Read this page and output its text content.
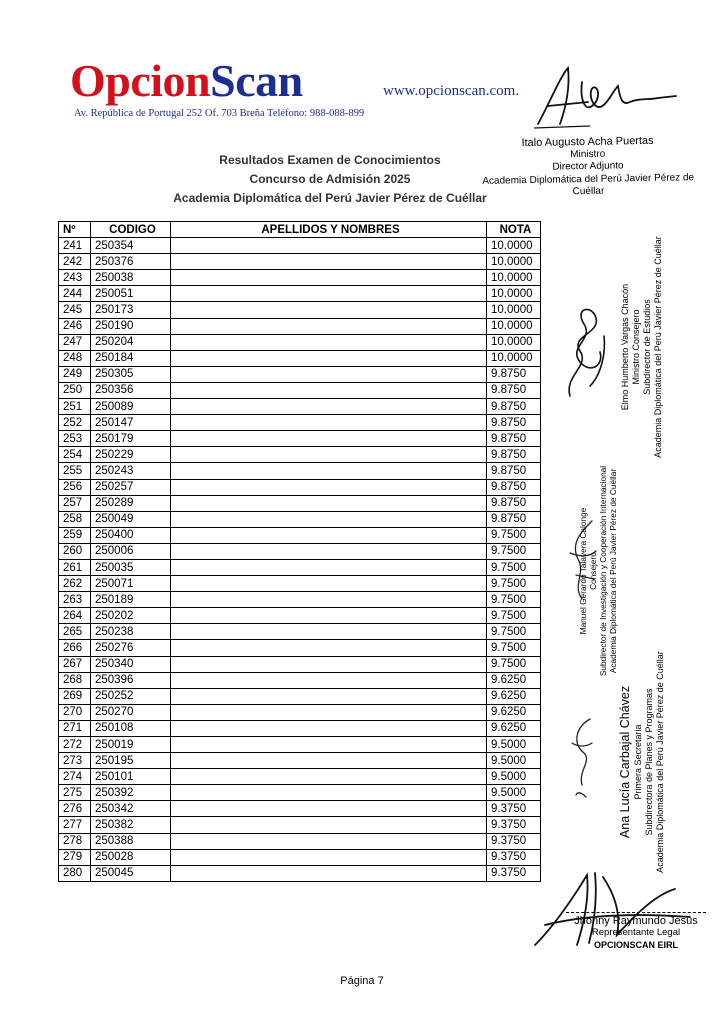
OpcionScan	www.opcionscan.com.
Av. República de Portugal 252 Of. 703 Breña Teléfono: 988-088-899
Italo Augusto Acha Puertas
Ministro
Director Adjunto
Academia Diplomática del Perú Javier Pérez de Cuéllar
Resultados Examen de Conocimientos
Concurso de Admisión 2025
Academia Diplomática del Perú Javier Pérez de Cuéllar
Nº	CODIGO	APELLIDOS Y NOMBRES	NOTA
241	250354		10.0000
242	250376		10.0000
243	250038		10.0000
244	250051		10.0000
245	250173		10.0000
246	250190		10.0000
247	250204		10.0000
248	250184		10.0000
249	250305		9.8750
250	250356		9.8750
251	250089		9.8750
252	250147		9.8750
253	250179		9.8750
254	250229		9.8750
255	250243		9.8750
256	250257		9.8750
257	250289		9.8750
258	250049		9.8750
259	250400		9.7500
260	250006		9.7500
261	250035		9.7500
262	250071		9.7500
263	250189		9.7500
264	250202		9.7500
265	250238		9.7500
266	250276		9.7500
267	250340		9.7500
268	250396		9.6250
269	250252		9.6250
270	250270		9.6250
271	250108		9.6250
272	250019		9.5000
273	250195		9.5000
274	250101		9.5000
275	250392		9.5000
276	250342		9.3750
277	250382		9.3750
278	250388		9.3750
279	250028		9.3750
280	250045		9.3750
Elmo Humberto Vargas Chacón Ministro Consejero Subdirector de Estudios Academia Diplomática del Perú Javier Pérez de Cuéllar
Manuel Gerardo Talavera Calonge Consejero Subdirector de Investigación y Cooperación Internacional Academia Diplomática del Perú Javier Pérez de Cuéllar
Ana Lucía Carbajal Chávez Primera Secretaria Subdirectora de Planes y Programas Academia Diplomática del Perú Javier Pérez de Cuéllar
Jhonny Raymundo Jesus
Representante Legal
OPCIONSCAN EIRL
Página 7
